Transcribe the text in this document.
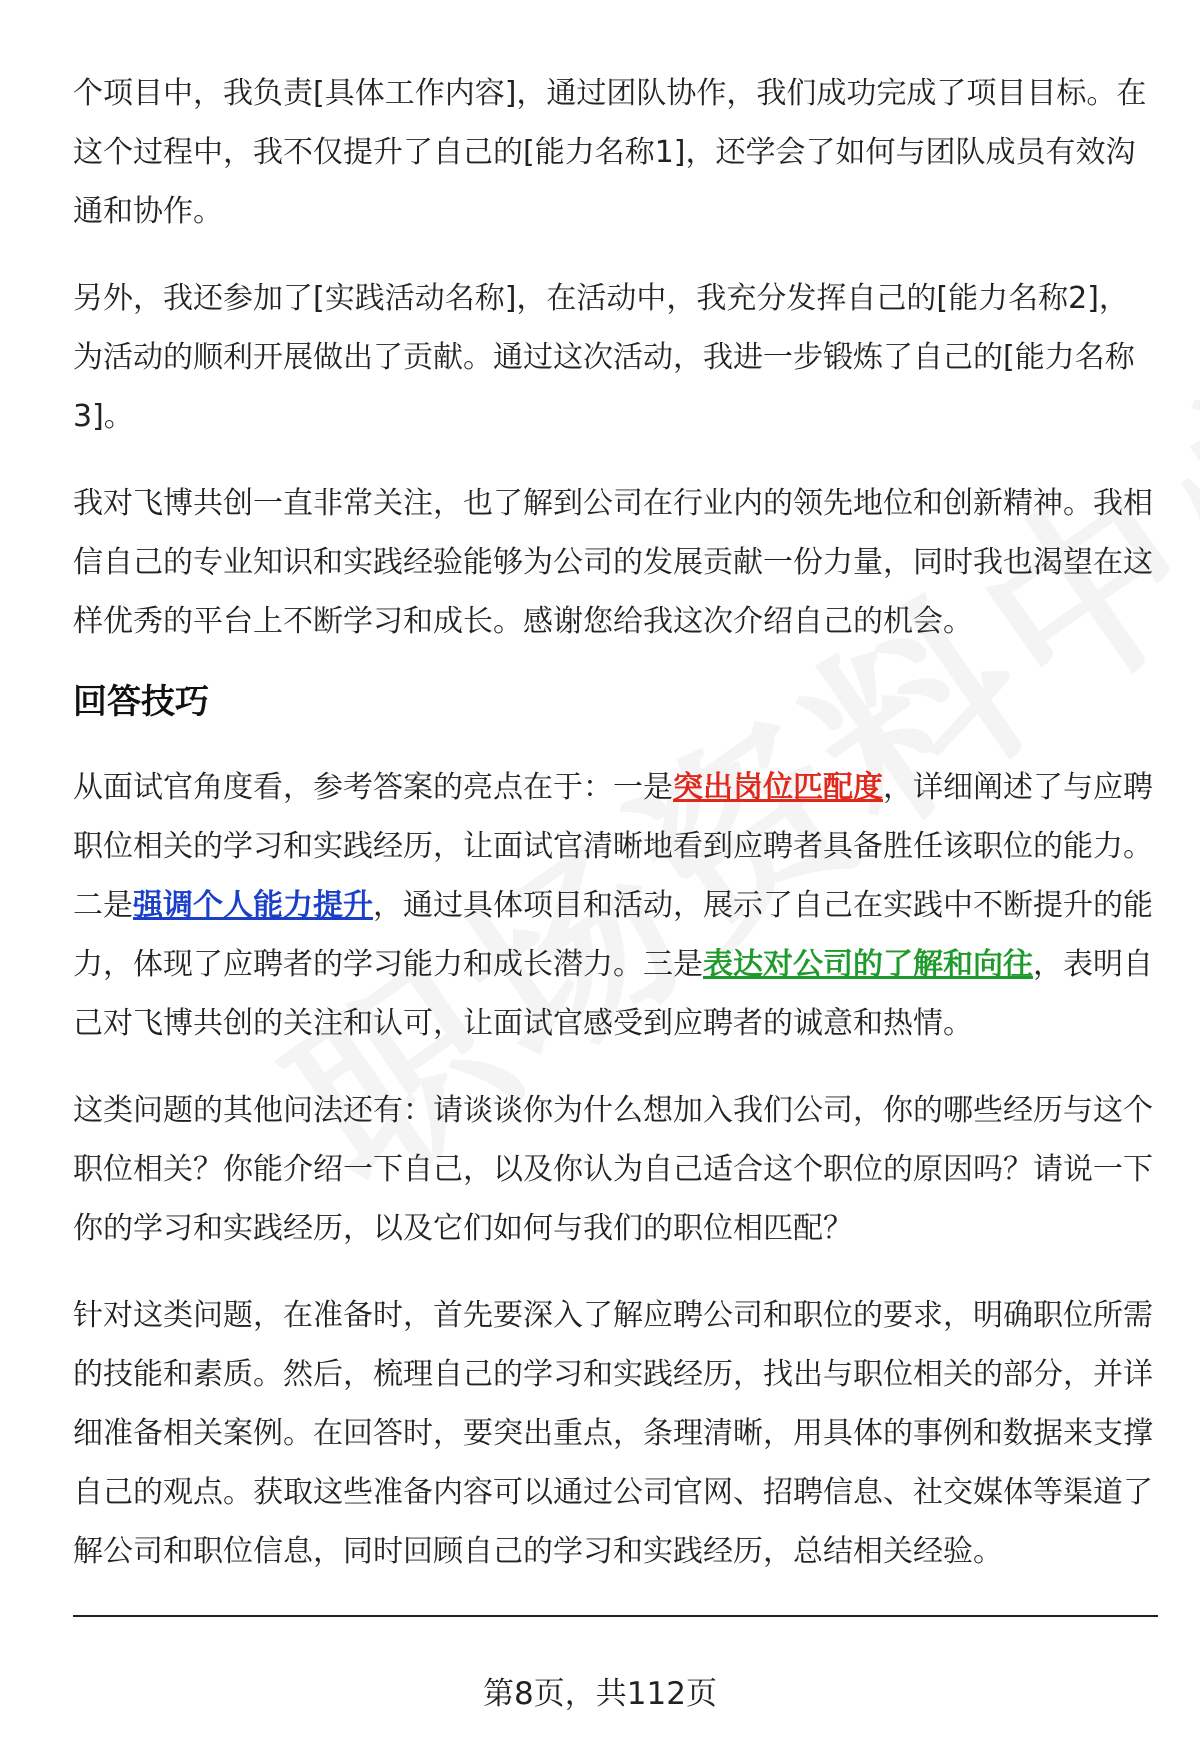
个项目中，我负责[具体工作内容]，通过团队协作，我们成功完成了项目目标。在这个过程中，我不仅提升了自己的[能力名称1]，还学会了如何与团队成员有效沟通和协作。

另外，我还参加了[实践活动名称]，在活动中，我充分发挥自己的[能力名称2]，为活动的顺利开展做出了贡献。通过这次活动，我进一步锻炼了自己的[能力名称3]。

我对飞博共创一直非常关注，也了解到公司在行业内的领先地位和创新精神。我相信自己的专业知识和实践经验能够为公司的发展贡献一份力量，同时我也渴望在这样优秀的平台上不断学习和成长。感谢您给我这次介绍自己的机会。

回答技巧

从面试官角度看，参考答案的亮点在于：一是突出岗位匹配度，详细阐述了与应聘职位相关的学习和实践经历，让面试官清晰地看到应聘者具备胜任该职位的能力。二是强调个人能力提升，通过具体项目和活动，展示了自己在实践中不断提升的能力，体现了应聘者的学习能力和成长潜力。三是表达对公司的了解和向往，表明自己对飞博共创的关注和认可，让面试官感受到应聘者的诚意和热情。

这类问题的其他问法还有：请谈谈你为什么想加入我们公司，你的哪些经历与这个职位相关？你能介绍一下自己，以及你认为自己适合这个职位的原因吗？请说一下你的学习和实践经历，以及它们如何与我们的职位相匹配？

针对这类问题，在准备时，首先要深入了解应聘公司和职位的要求，明确职位所需的技能和素质。然后，梳理自己的学习和实践经历，找出与职位相关的部分，并详细准备相关案例。在回答时，要突出重点，条理清晰，用具体的事例和数据来支撑自己的观点。获取这些准备内容可以通过公司官网、招聘信息、社交媒体等渠道了解公司和职位信息，同时回顾自己的学习和实践经历，总结相关经验。

第8页，共112页
